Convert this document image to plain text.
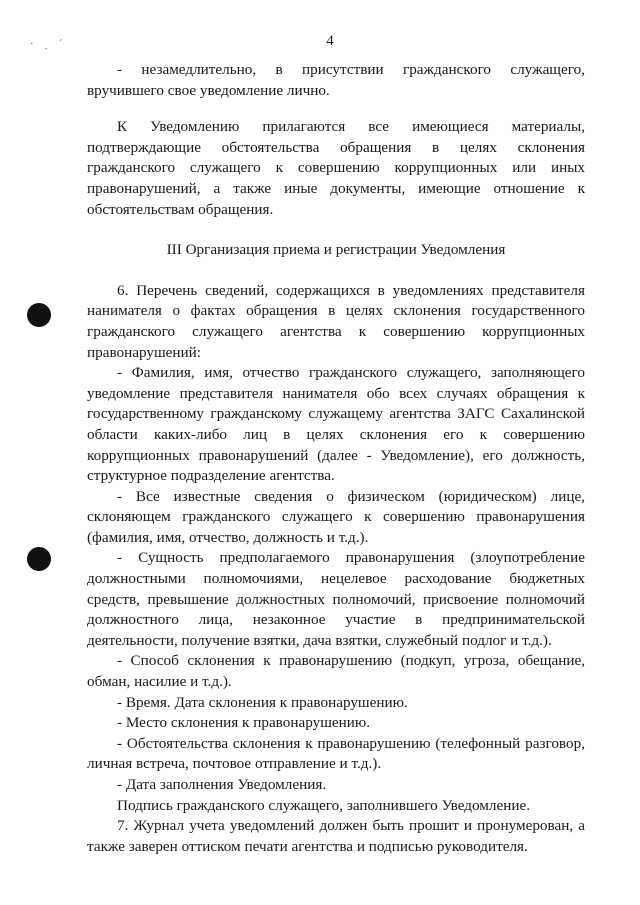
· ˏ ˊ	4

- незамедлительно, в присутствии гражданского служащего, вручившего свое уведомление лично.

К Уведомлению прилагаются все имеющиеся материалы, подтверждающие обстоятельства обращения в целях склонения гражданского служащего к совершению коррупционных или иных правонарушений, а также иные документы, имеющие отношение к обстоятельствам обращения.

III Организация приема и регистрации Уведомления

6. Перечень сведений, содержащихся в уведомлениях представителя нанимателя о фактах обращения в целях склонения государственного гражданского служащего агентства к совершению коррупционных правонарушений:

- Фамилия, имя, отчество гражданского служащего, заполняющего уведомление представителя нанимателя обо всех случаях обращения к государственному гражданскому служащему агентства ЗАГС Сахалинской области каких-либо лиц в целях склонения его к совершению коррупционных правонарушений (далее - Уведомление), его должность, структурное подразделение агентства.

- Все известные сведения о физическом (юридическом) лице, склоняющем гражданского служащего к совершению правонарушения (фамилия, имя, отчество, должность и т.д.).

- Сущность предполагаемого правонарушения (злоупотребление должностными полномочиями, нецелевое расходование бюджетных средств, превышение должностных полномочий, присвоение полномочий должностного лица, незаконное участие в предпринимательской деятельности, получение взятки, дача взятки, служебный подлог и т.д.).

- Способ склонения к правонарушению (подкуп, угроза, обещание, обман, насилие и т.д.).

- Время. Дата склонения к правонарушению.

- Место склонения к правонарушению.

- Обстоятельства склонения к правонарушению (телефонный разговор, личная встреча, почтовое отправление и т.д.).

- Дата заполнения Уведомления.

Подпись гражданского служащего, заполнившего Уведомление.

7. Журнал учета уведомлений должен быть прошит и пронумерован, а также заверен оттиском печати агентства и подписью руководителя.
